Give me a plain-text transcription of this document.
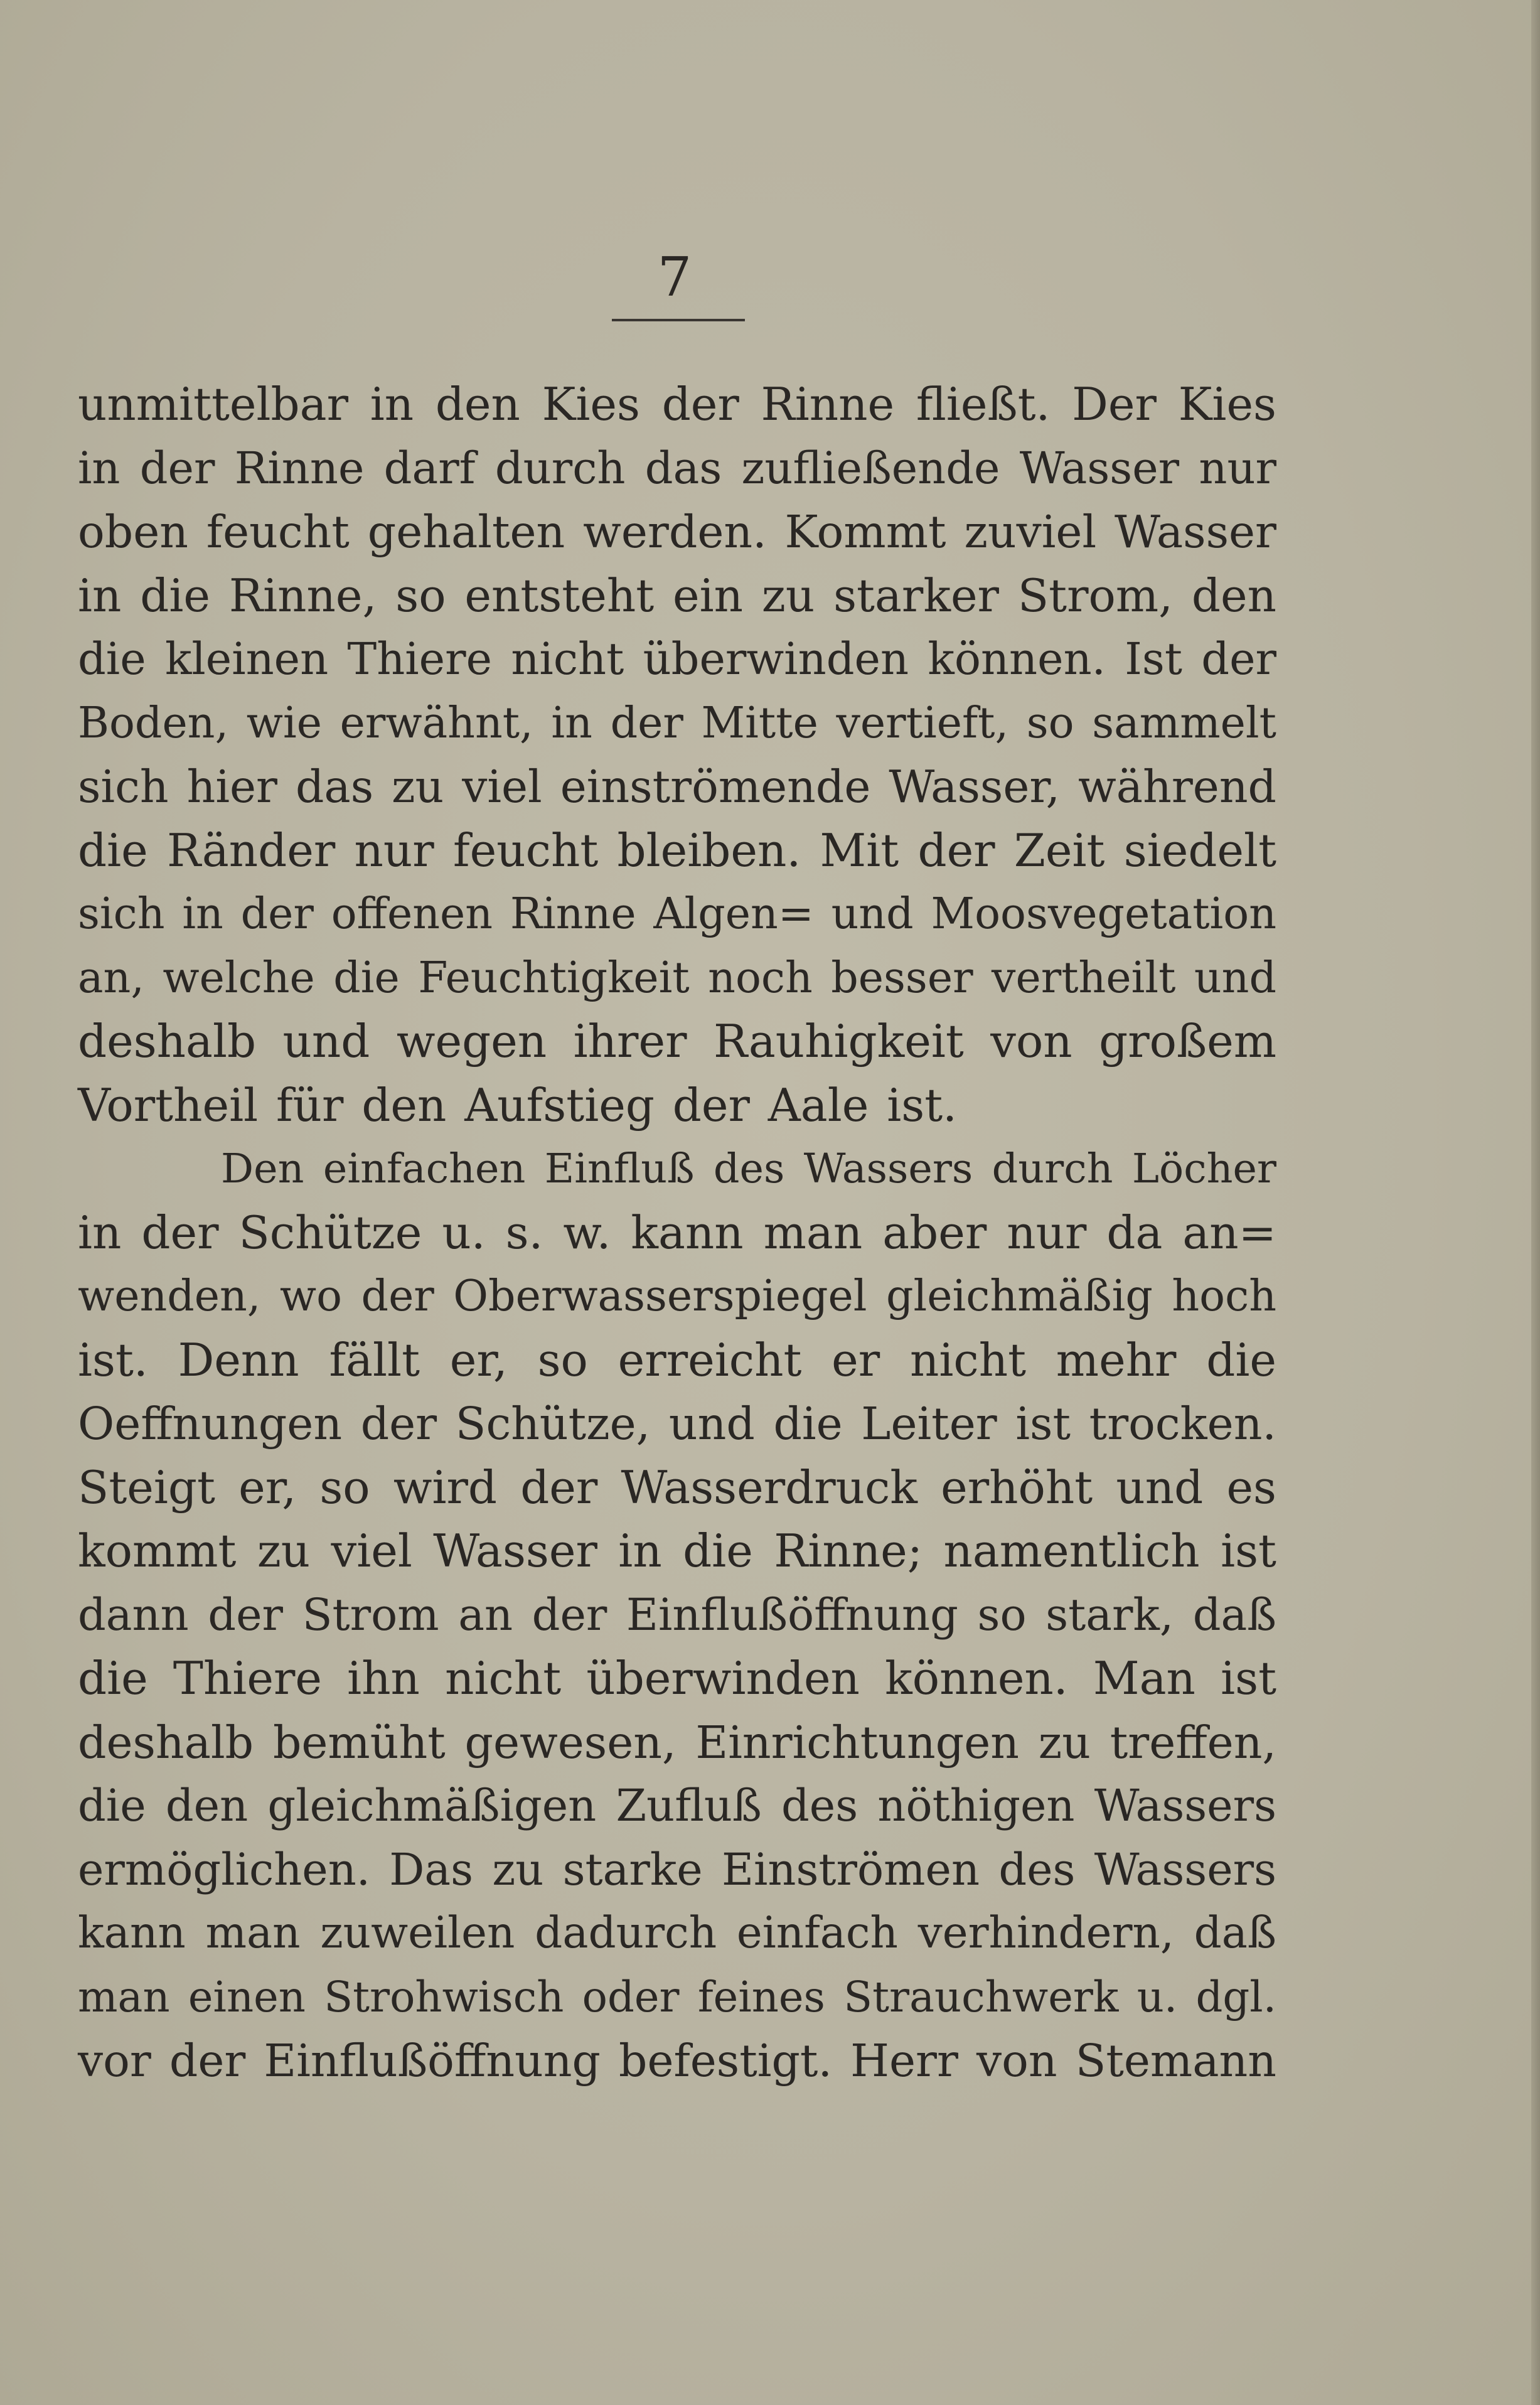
7
unmittelbar in den Kies der Rinne fließt. Der Kies
in der Rinne darf durch das zufließende Wasser nur
oben feucht gehalten werden. Kommt zuviel Wasser
in die Rinne, so entsteht ein zu starker Strom, den
die kleinen Thiere nicht überwinden können. Ist der
Boden, wie erwähnt, in der Mitte vertieft, so sammelt
sich hier das zu viel einströmende Wasser, während
die Ränder nur feucht bleiben. Mit der Zeit siedelt
sich in der offenen Rinne Algen= und Moosvegetation
an, welche die Feuchtigkeit noch besser vertheilt und
deshalb und wegen ihrer Rauhigkeit von großem
Vortheil für den Aufstieg der Aale ist.
Den einfachen Einfluß des Wassers durch Löcher
in der Schütze u. s. w. kann man aber nur da an=
wenden, wo der Oberwasserspiegel gleichmäßig hoch
ist. Denn fällt er, so erreicht er nicht mehr die
Oeffnungen der Schütze, und die Leiter ist trocken.
Steigt er, so wird der Wasserdruck erhöht und es
kommt zu viel Wasser in die Rinne; namentlich ist
dann der Strom an der Einflußöffnung so stark, daß
die Thiere ihn nicht überwinden können. Man ist
deshalb bemüht gewesen, Einrichtungen zu treffen,
die den gleichmäßigen Zufluß des nöthigen Wassers
ermöglichen. Das zu starke Einströmen des Wassers
kann man zuweilen dadurch einfach verhindern, daß
man einen Strohwisch oder feines Strauchwerk u. dgl.
vor der Einflußöffnung befestigt. Herr von Stemann
